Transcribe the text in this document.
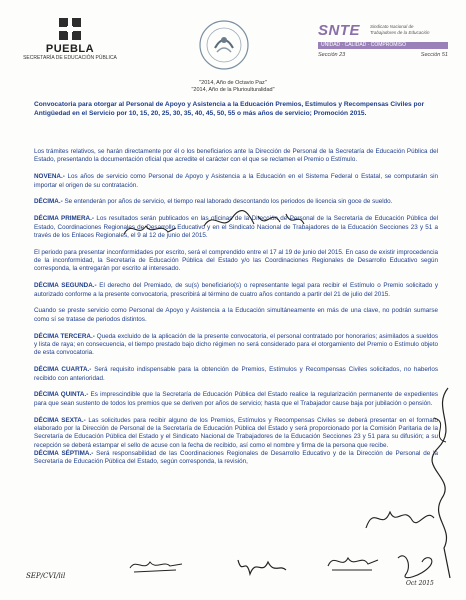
PUEBLA
SECRETARÍA DE EDUCACIÓN PÚBLICA
SNTE	Sindicato Nacional de Trabajadores de la Educación
UNIDAD · CALIDAD · COMPROMISO
Sección 23	Sección 51
"2014, Año de Octavio Paz"
"2014, Año de la Plurioulturalidad"
Convocatoria para otorgar al Personal de Apoyo y Asistencia a la Educación Premios, Estímulos y Recompensas Civiles por Antigüedad en el Servicio por 10, 15, 20, 25, 30, 35, 40, 45, 50, 55 o más años de servicio; Promoción 2015.

Los trámites relativos, se harán directamente por él o los beneficiarios ante la Dirección de Personal de la Secretaría de Educación Pública del Estado, presentando la documentación oficial que acredite el carácter con el que se reclamen el Premio o Estímulo.

NOVENA.- Los años de servicio como Personal de Apoyo y Asistencia a la Educación en el Sistema Federal o Estatal, se computarán sin importar el origen de su contratación.

DÉCIMA.- Se entenderán por años de servicio, el tiempo real laborado descontando los periodos de licencia sin goce de sueldo.

DÉCIMA PRIMERA.- Los resultados serán publicados en las oficinas de la Dirección de Personal de la Secretaría de Educación Pública del Estado, Coordinaciones Regionales de Desarrollo Educativo y en el Sindicato Nacional de Trabajadores de la Educación Secciones 23 y 51 a través de los Enlaces Regionales, el 9 al 12 de junio del 2015.

El periodo para presentar inconformidades por escrito, será el comprendido entre el 17 al 19 de junio del 2015. En caso de existir improcedencia de la inconformidad, la Secretaría de Educación Pública del Estado y/o las Coordinaciones Regionales de Desarrollo Educativo según corresponda, la entregarán por escrito al interesado.

DÉCIMA SEGUNDA.- El derecho del Premiado, de su(s) beneficiario(s) o representante legal para recibir el Estímulo o Premio solicitado y autorizado conforme a la presente convocatoria, prescribirá al término de cuatro años contando a partir del 21 de julio del 2015.

Cuando se preste servicio como Personal de Apoyo y Asistencia a la Educación simultáneamente en más de una clave, no podrán sumarse como sí se tratase de periodos distintos.

DÉCIMA TERCERA.- Queda excluido de la aplicación de la presente convocatoria, el personal contratado por honorarios; asimilados a sueldos y lista de raya; en consecuencia, el tiempo prestado bajo dicho régimen no será considerado para el otorgamiento del Premio o Estímulo objeto de esta convocatoria.

DÉCIMA CUARTA.- Será requisito indispensable para la obtención de Premios, Estímulos y Recompensas Civiles solicitados, no haberlos recibido con anterioridad.

DÉCIMA QUINTA.- Es imprescindible que la Secretaría de Educación Pública del Estado realice la regularización permanente de expedientes para que sean sustento de todos los premios que se deriven por años de servicio; hasta que el Trabajador cause baja por jubilación o pensión.

DÉCIMA SEXTA.- Las solicitudes para recibir alguno de los Premios, Estímulos y Recompensas Civiles se deberá presentar en el formato elaborado por la Dirección de Personal de la Secretaría de Educación Pública del Estado y será proporcionado por la Comisión Paritaria de la Secretaría de Educación Pública del Estado y el Sindicato Nacional de Trabajadores de la Educación Secciones 23 y 51 para su difusión; a su recepción se deberá estampar el sello de acuse con la fecha de recibido, así como el nombre y firma de la persona que recibe.

DÉCIMA SÉPTIMA.- Será responsabilidad de las Coordinaciones Regionales de Desarrollo Educativo y de la Dirección de Personal de la Secretaría de Educación Pública del Estado, según corresponda, la revisión,

SEP/CVI/lil
Oct 2015
